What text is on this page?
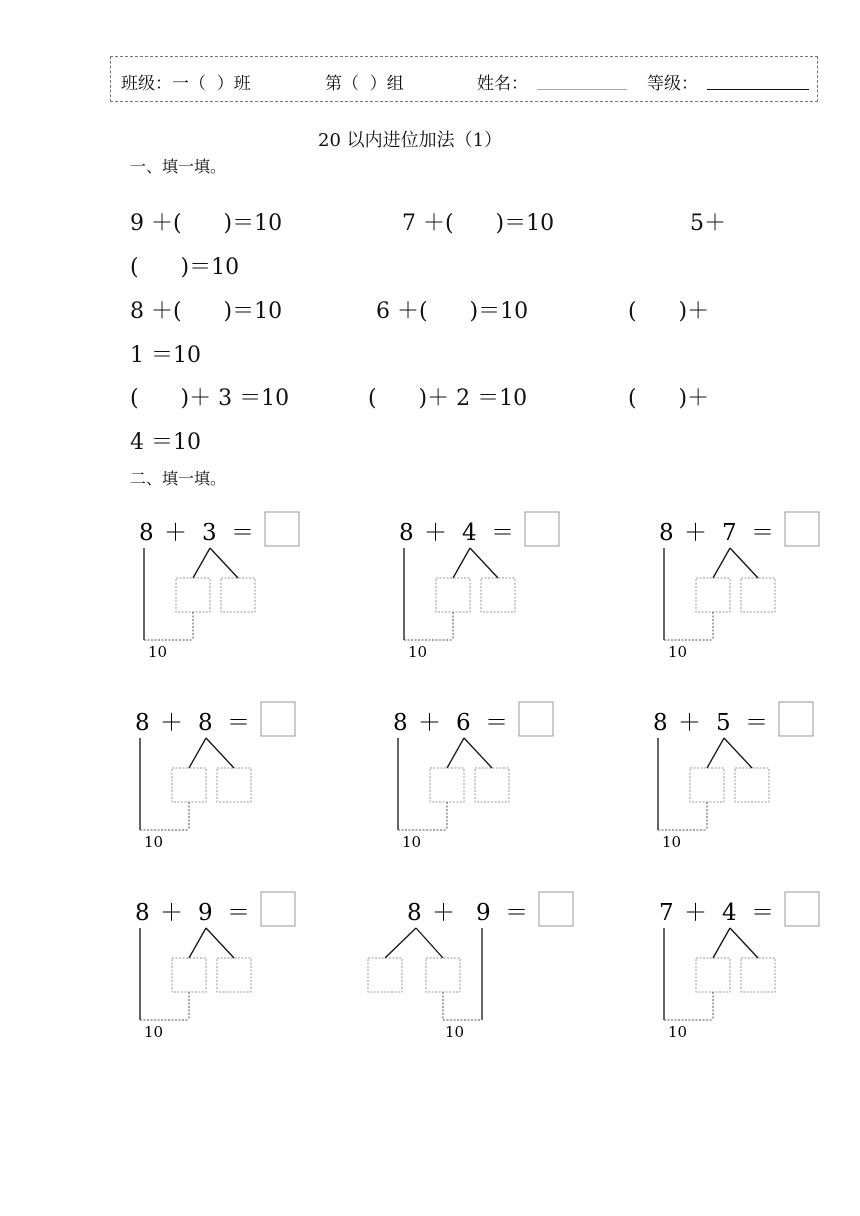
班级：一（  ）班	第（  ）组	姓名：	等级：
20 以内进位加法（1）
一、填一填。
9 ＋(      )＝10	7 ＋(      )＝10	5＋
(      )＝10
8 ＋(      )＝10	6 ＋(      )＝10	(      )＋
1 ＝10
(      )＋ 3 ＝10	(      )＋ 2 ＝10	(      )＋
4 ＝10
二、填一填。
8 ＋ 3 ＝
10
8 ＋ 4 ＝
10
8 ＋ 7 ＝
10
8 ＋ 8 ＝
10
8 ＋ 6 ＝
10
8 ＋ 5 ＝
10
8 ＋ 9 ＝
10
8 ＋ 9 ＝
10
7 ＋ 4 ＝
10
